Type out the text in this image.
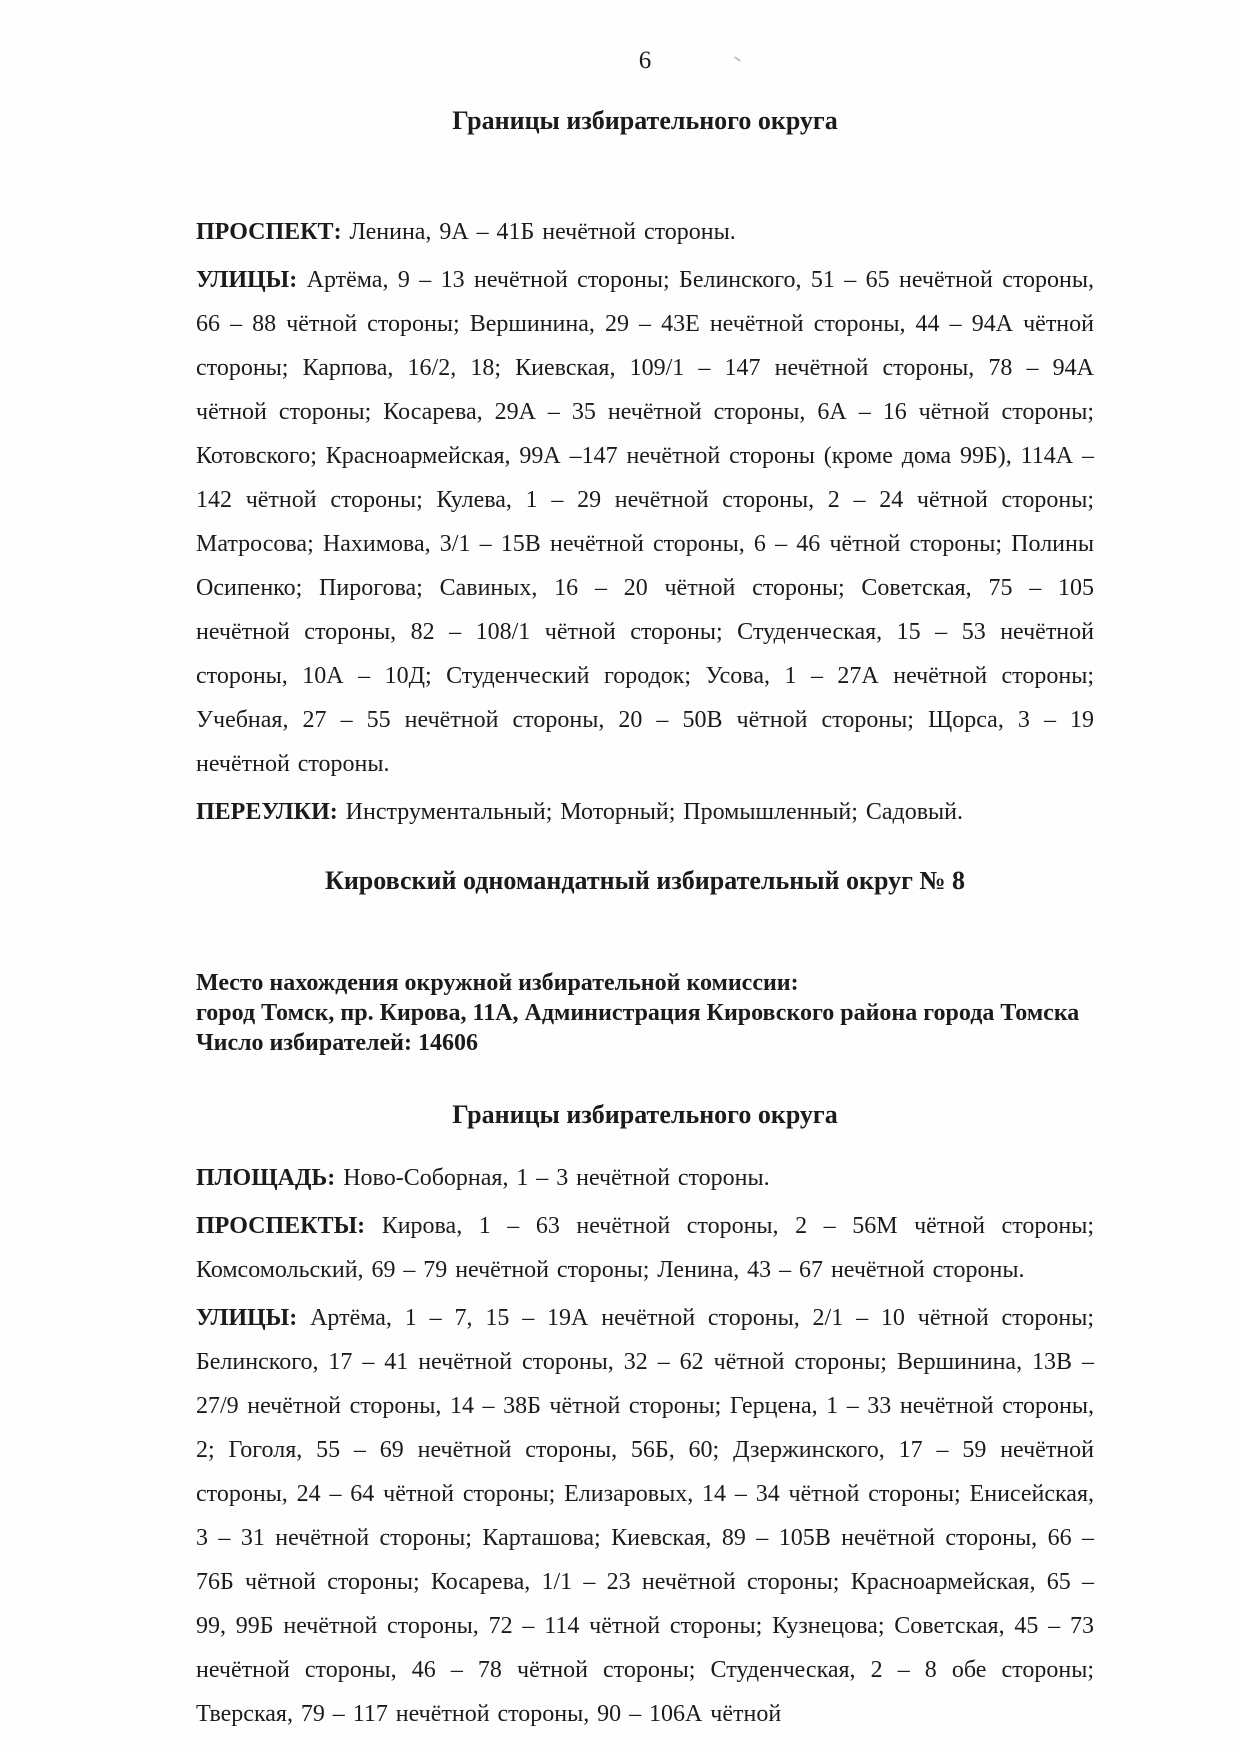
6
Границы избирательного округа

ПРОСПЕКТ: Ленина, 9А – 41Б нечётной стороны.

УЛИЦЫ: Артёма, 9 – 13 нечётной стороны; Белинского, 51 – 65 нечётной стороны, 66 – 88 чётной стороны; Вершинина, 29 – 43Е нечётной стороны, 44 – 94А чётной стороны; Карпова, 16/2, 18; Киевская, 109/1 – 147 нечётной стороны, 78 – 94А чётной стороны; Косарева, 29А – 35 нечётной стороны, 6А – 16 чётной стороны; Котовского; Красноармейская, 99А –147 нечётной стороны (кроме дома 99Б), 114А – 142 чётной стороны; Кулева, 1 – 29 нечётной стороны, 2 – 24 чётной стороны; Матросова; Нахимова, 3/1 – 15В нечётной стороны, 6 – 46 чётной стороны; Полины Осипенко; Пирогова; Савиных, 16 – 20 чётной стороны; Советская, 75 – 105 нечётной стороны, 82 – 108/1 чётной стороны; Студенческая, 15 – 53 нечётной стороны, 10А – 10Д; Студенческий городок; Усова, 1 – 27А нечётной стороны; Учебная, 27 – 55 нечётной стороны, 20 – 50В чётной стороны; Щорса, 3 – 19 нечётной стороны.

ПЕРЕУЛКИ: Инструментальный; Моторный; Промышленный; Садовый.

Кировский одномандатный избирательный округ № 8
Место нахождения окружной избирательной комиссии:
город Томск, пр. Кирова, 11А, Администрация Кировского района города Томска
Число избирателей: 14606
Границы избирательного округа

ПЛОЩАДЬ: Ново-Соборная, 1 – 3 нечётной стороны.

ПРОСПЕКТЫ: Кирова, 1 – 63 нечётной стороны, 2 – 56М чётной стороны; Комсомольский, 69 – 79 нечётной стороны; Ленина, 43 – 67 нечётной стороны.

УЛИЦЫ: Артёма, 1 – 7, 15 – 19А нечётной стороны, 2/1 – 10 чётной стороны; Белинского, 17 – 41 нечётной стороны, 32 – 62 чётной стороны; Вершинина, 13В – 27/9 нечётной стороны, 14 – 38Б чётной стороны; Герцена, 1 – 33 нечётной стороны, 2; Гоголя, 55 – 69 нечётной стороны, 56Б, 60; Дзержинского, 17 – 59 нечётной стороны, 24 – 64 чётной стороны; Елизаровых, 14 – 34 чётной стороны; Енисейская, 3 – 31 нечётной стороны; Карташова; Киевская, 89 – 105В нечётной стороны, 66 – 76Б чётной стороны; Косарева, 1/1 – 23 нечётной стороны; Красноармейская, 65 – 99, 99Б нечётной стороны, 72 – 114 чётной стороны; Кузнецова; Советская, 45 – 73 нечётной стороны, 46 – 78 чётной стороны; Студенческая, 2 – 8 обе стороны; Тверская, 79 – 117 нечётной стороны, 90 – 106А чётной
